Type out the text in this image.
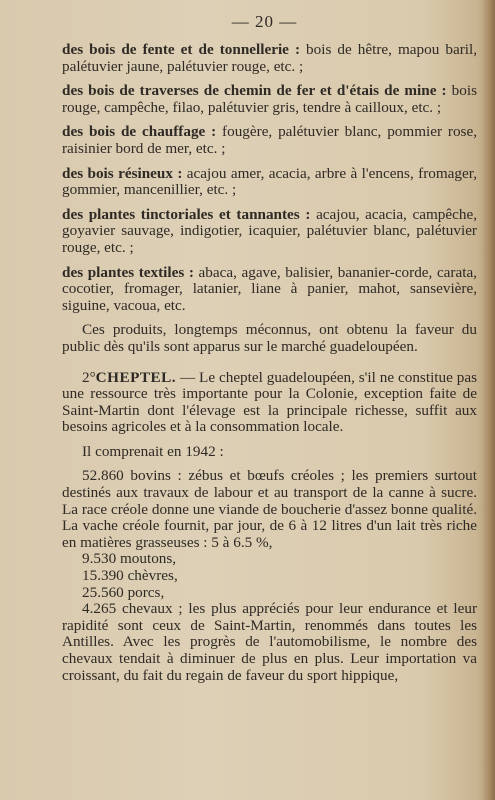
— 20 —

des bois de fente et de tonnellerie : bois de hêtre, mapou baril, palétuvier jaune, palétuvier rouge, etc. ;

des bois de traverses de chemin de fer et d'étais de mine : bois rouge, campêche, filao, palétuvier gris, tendre à cailloux, etc. ;

des bois de chauffage : fougère, palétuvier blanc, pommier rose, raisinier bord de mer, etc. ;

des bois résineux : acajou amer, acacia, arbre à l'encens, fromager, gommier, mancenillier, etc. ;

des plantes tinctoriales et tannantes : acajou, acacia, campêche, goyavier sauvage, indigotier, icaquier, palétuvier blanc, palétuvier rouge, etc. ;

des plantes textiles : abaca, agave, balisier, bananier-corde, carata, cocotier, fromager, latanier, liane à panier, mahot, sansevière, siguine, vacoua, etc.

Ces produits, longtemps méconnus, ont obtenu la faveur du public dès qu'ils sont apparus sur le marché guadeloupéen.

2°CHEPTEL. — Le cheptel guadeloupéen, s'il ne constitue pas une ressource très importante pour la Colonie, exception faite de Saint-Martin dont l'élevage est la principale richesse, suffit aux besoins agricoles et à la consommation locale.

Il comprenait en 1942 :

52.860 bovins : zébus et bœufs créoles ; les premiers surtout destinés aux travaux de labour et au transport de la canne à sucre. La race créole donne une viande de boucherie d'assez bonne qualité. La vache créole fournit, par jour, de 6 à 12 litres d'un lait très riche en matières grasseuses : 5 à 6.5 %,

9.530 moutons,

15.390 chèvres,

25.560 porcs,

4.265 chevaux ; les plus appréciés pour leur endurance et leur rapidité sont ceux de Saint-Martin, renommés dans toutes les Antilles. Avec les progrès de l'automobilisme, le nombre des chevaux tendait à diminuer de plus en plus. Leur importation va croissant, du fait du regain de faveur du sport hippique,
